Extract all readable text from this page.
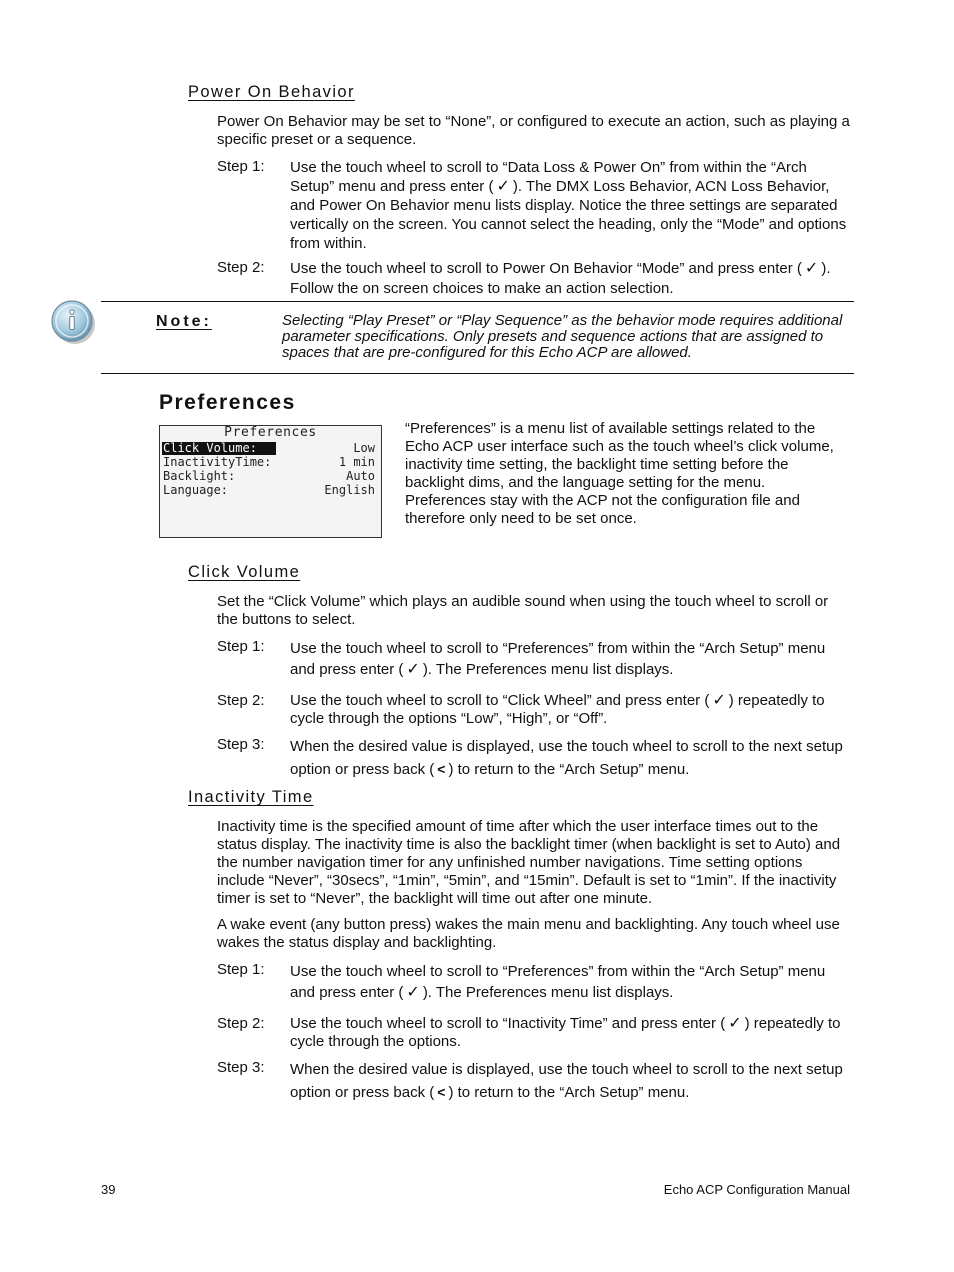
Power On Behavior
Power On Behavior may be set to “None”, or configured to execute an action, such as playing a specific preset or a sequence.
Step 1:	Use the touch wheel to scroll to “Data Loss & Power On” from within the “Arch Setup” menu and press enter ( ✓ ). The DMX Loss Behavior, ACN Loss Behavior, and Power On Behavior menu lists display. Notice the three settings are separated vertically on the screen. You cannot select the heading, only the “Mode” and options from within.
Step 2:	Use the touch wheel to scroll to Power On Behavior “Mode” and press enter ( ✓ ). Follow the on screen choices to make an action selection.
Note:	Selecting “Play Preset” or “Play Sequence” as the behavior mode requires additional parameter specifications. Only presets and sequence actions that are assigned to spaces that are pre-configured for this Echo ACP are allowed.
Preferences
Preferences
Click Volume:	Low
InactivityTime:	1 min
Backlight:	Auto
Language:	English
“Preferences” is a menu list of available settings related to the Echo ACP user interface such as the touch wheel’s click volume, inactivity time setting, the backlight time setting before the backlight dims, and the language setting for the menu. Preferences stay with the ACP not the configuration file and therefore only need to be set once.
Click Volume
Set the “Click Volume” which plays an audible sound when using the touch wheel to scroll or the buttons to select.
Step 1:	Use the touch wheel to scroll to “Preferences” from within the “Arch Setup” menu and press enter ( ✓ ). The Preferences menu list displays.
Step 2:	Use the touch wheel to scroll to “Click Wheel” and press enter ( ✓ ) repeatedly to cycle through the options “Low”, “High”, or “Off”.
Step 3:	When the desired value is displayed, use the touch wheel to scroll to the next setup option or press back ( < ) to return to the “Arch Setup” menu.
Inactivity Time
Inactivity time is the specified amount of time after which the user interface times out to the status display. The inactivity time is also the backlight timer (when backlight is set to Auto) and the number navigation timer for any unfinished number navigations. Time setting options include “Never”, “30secs”, “1min”, “5min”, and “15min”. Default is set to “1min”. If the inactivity timer is set to “Never”, the backlight will time out after one minute.
A wake event (any button press) wakes the main menu and backlighting. Any touch wheel use wakes the status display and backlighting.
Step 1:	Use the touch wheel to scroll to “Preferences” from within the “Arch Setup” menu and press enter ( ✓ ). The Preferences menu list displays.
Step 2:	Use the touch wheel to scroll to “Inactivity Time” and press enter ( ✓ ) repeatedly to cycle through the options.
Step 3:	When the desired value is displayed, use the touch wheel to scroll to the next setup option or press back ( < ) to return to the “Arch Setup” menu.
39	Echo ACP Configuration Manual
